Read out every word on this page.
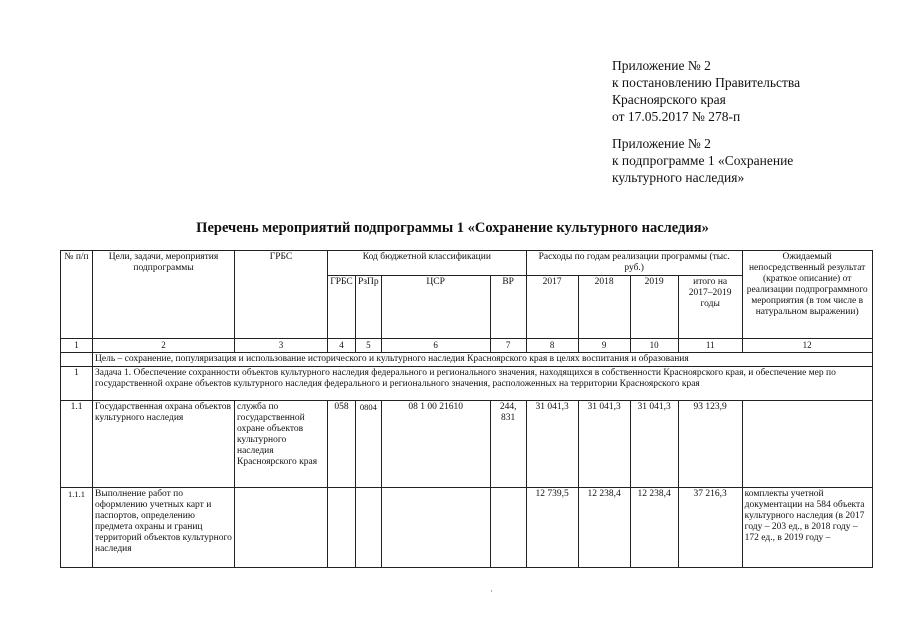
Приложение № 2
к постановлению Правительства
Красноярского края
от 17.05.2017 № 278-п
Приложение № 2
к подпрограмме 1 «Сохранение
культурного наследия»
Перечень мероприятий подпрограммы 1 «Сохранение культурного наследия»
№ п/п	Цели, задачи, мероприятия подпрограммы	ГРБС	Код бюджетной классификации				Расходы по годам реализации программы (тыс. руб.)				Ожидаемый непосредственный результат (краткое описание) от реализации подпрограммного мероприятия (в том числе в натуральном выражении)
			ГРБС	РзПр	ЦСР	ВР	2017	2018	2019	итого на 2017–2019 годы	
1	2	3	4	5	6	7	8	9	10	11	12
	Цель – сохранение, популяризация и использование исторического и культурного наследия Красноярского края в целях воспитания и образования										
1	Задача 1. Обеспечение сохранности объектов культурного наследия федерального и регионального значения, находящихся в собственности Красноярского края, и обеспечение мер по государственной охране объектов культурного наследия федерального и регионального значения, расположенных на территории Красноярского края										
1.1	Государственная охрана объектов культурного наследия	служба по государственной охране объектов культурного наследия Красноярского края	058	0804	08 1 00 21610	244, 831	31 041,3	31 041,3	31 041,3	93 123,9	
1.1.1	Выполнение работ по оформлению учетных карт и паспортов, определению предмета охраны и границ территорий объектов культурного наследия						12 739,5	12 238,4	12 238,4	37 216,3	комплекты учетной документации на 584 объекта культурного наследия (в 2017 году – 203 ед., в 2018 году – 172 ед., в 2019 году –
·
